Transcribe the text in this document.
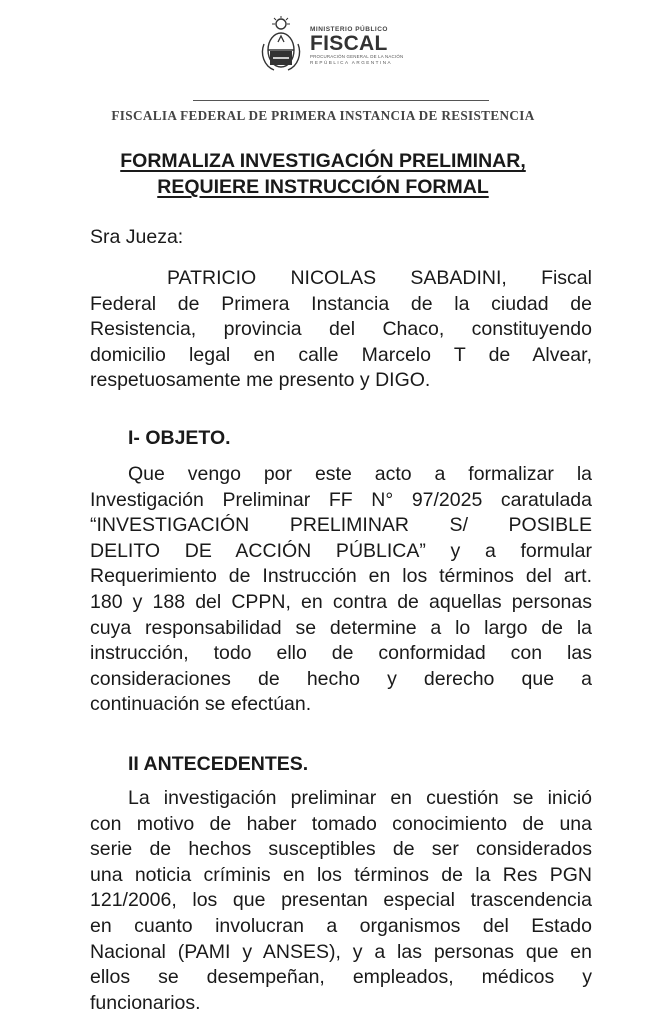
MINISTERIO PÚBLICO
FISCAL
PROCURACIÓN GENERAL DE LA NACIÓN
REPÚBLICA ARGENTINA
FISCALIA FEDERAL DE PRIMERA INSTANCIA DE RESISTENCIA
FORMALIZA INVESTIGACIÓN PRELIMINAR,
REQUIERE INSTRUCCIÓN FORMAL
Sra Jueza:
PATRICIO NICOLAS SABADINI, Fiscal
Federal de Primera Instancia de la ciudad de
Resistencia, provincia del Chaco, constituyendo
domicilio legal en calle Marcelo T de Alvear,
respetuosamente me presento y DIGO.
I- OBJETO.
Que vengo por este acto a formalizar la
Investigación Preliminar FF N° 97/2025 caratulada
“INVESTIGACIÓN PRELIMINAR S/ POSIBLE
DELITO DE ACCIÓN PÚBLICA” y a formular
Requerimiento de Instrucción en los términos del art.
180 y 188 del CPPN, en contra de aquellas personas
cuya responsabilidad se determine a lo largo de la
instrucción, todo ello de conformidad con las
consideraciones de hecho y derecho que a
continuación se efectúan.
II ANTECEDENTES.
La investigación preliminar en cuestión se inició
con motivo de haber tomado conocimiento de una
serie de hechos susceptibles de ser considerados
una noticia críminis en los términos de la Res PGN
121/2006, los que presentan especial trascendencia
en cuanto involucran a organismos del Estado
Nacional (PAMI y ANSES), y a las personas que en
ellos se desempeñan, empleados, médicos y
funcionarios.
